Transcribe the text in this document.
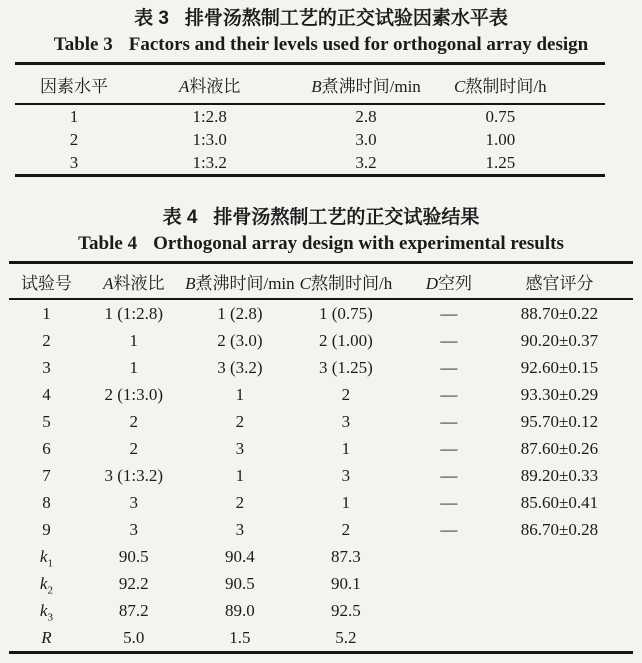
表 3 排骨汤熬制工艺的正交试验因素水平表
Table 3 Factors and their levels used for orthogonal array design
因素水平	A料液比	B煮沸时间/min	C熬制时间/h
1	1:2.8	2.8	0.75
2	1:3.0	3.0	1.00
3	1:3.2	3.2	1.25
表 4 排骨汤熬制工艺的正交试验结果
Table 4 Orthogonal array design with experimental results
试验号	A料液比	B煮沸时间/min	C熬制时间/h	D空列	感官评分
1	1 (1:2.8)	1 (2.8)	1 (0.75)	—	88.70±0.22
2	1	2 (3.0)	2 (1.00)	—	90.20±0.37
3	1	3 (3.2)	3 (1.25)	—	92.60±0.15
4	2 (1:3.0)	1	2	—	93.30±0.29
5	2	2	3	—	95.70±0.12
6	2	3	1	—	87.60±0.26
7	3 (1:3.2)	1	3	—	89.20±0.33
8	3	2	1	—	85.60±0.41
9	3	3	2	—	86.70±0.28
$k_1$	90.5	90.4	87.3		
$k_2$	92.2	90.5	90.1		
$k_3$	87.2	89.0	92.5		
R	5.0	1.5	5.2		
